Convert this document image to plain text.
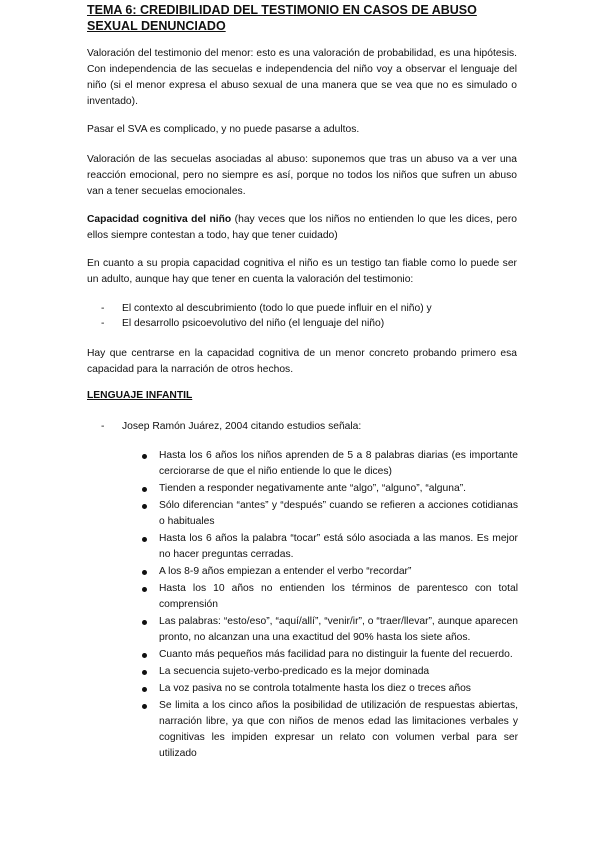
TEMA 6: CREDIBILIDAD DEL TESTIMONIO EN CASOS DE ABUSO SEXUAL DENUNCIADO

Valoración del testimonio del menor: esto es una valoración de probabilidad, es una hipótesis. Con independencia de las secuelas e independencia del niño voy a observar el lenguaje del niño (si el menor expresa el abuso sexual de una manera que se vea que no es simulado o inventado).

Pasar el SVA es complicado, y no puede pasarse a adultos.

Valoración de las secuelas asociadas al abuso: suponemos que tras un abuso va a ver una reacción emocional, pero no siempre es así, porque no todos los niños que sufren un abuso van a tener secuelas emocionales.

Capacidad cognitiva del niño (hay veces que los niños no entienden lo que les dices, pero ellos siempre contestan a todo, hay que tener cuidado)

En cuanto a su propia capacidad cognitiva el niño es un testigo tan fiable como lo puede ser un adulto, aunque hay que tener en cuenta la valoración del testimonio:

- El contexto al descubrimiento (todo lo que puede influir en el niño) y
- El desarrollo psicoevolutivo del niño (el lenguaje del niño)

Hay que centrarse en la capacidad cognitiva de un menor concreto probando primero esa capacidad para la narración de otros hechos.

LENGUAJE INFANTIL
- Josep Ramón Juárez, 2004 citando estudios señala:
Hasta los 6 años los niños aprenden de 5 a 8 palabras diarias (es importante cerciorarse de que el niño entiende lo que le dices)
Tienden a responder negativamente ante “algo”, “alguno”, “alguna”.
Sólo diferencian “antes” y “después” cuando se refieren a acciones cotidianas o habituales
Hasta los 6 años la palabra “tocar” está sólo asociada a las manos. Es mejor no hacer preguntas cerradas.
A los 8-9 años empiezan a entender el verbo “recordar”
Hasta los 10 años no entienden los términos de parentesco con total comprensión
Las palabras: “esto/eso”, “aquí/allí”, “venir/ir”, o “traer/llevar”, aunque aparecen pronto, no alcanzan una una exactitud del 90% hasta los siete años.
Cuanto más pequeños más facilidad para no distinguir la fuente del recuerdo.
La secuencia sujeto-verbo-predicado es la mejor dominada
La voz pasiva no se controla totalmente hasta los diez o treces años
Se limita a los cinco años la posibilidad de utilización de respuestas abiertas, narración libre, ya que con niños de menos edad las limitaciones verbales y cognitivas les impiden expresar un relato con volumen verbal para ser utilizado
